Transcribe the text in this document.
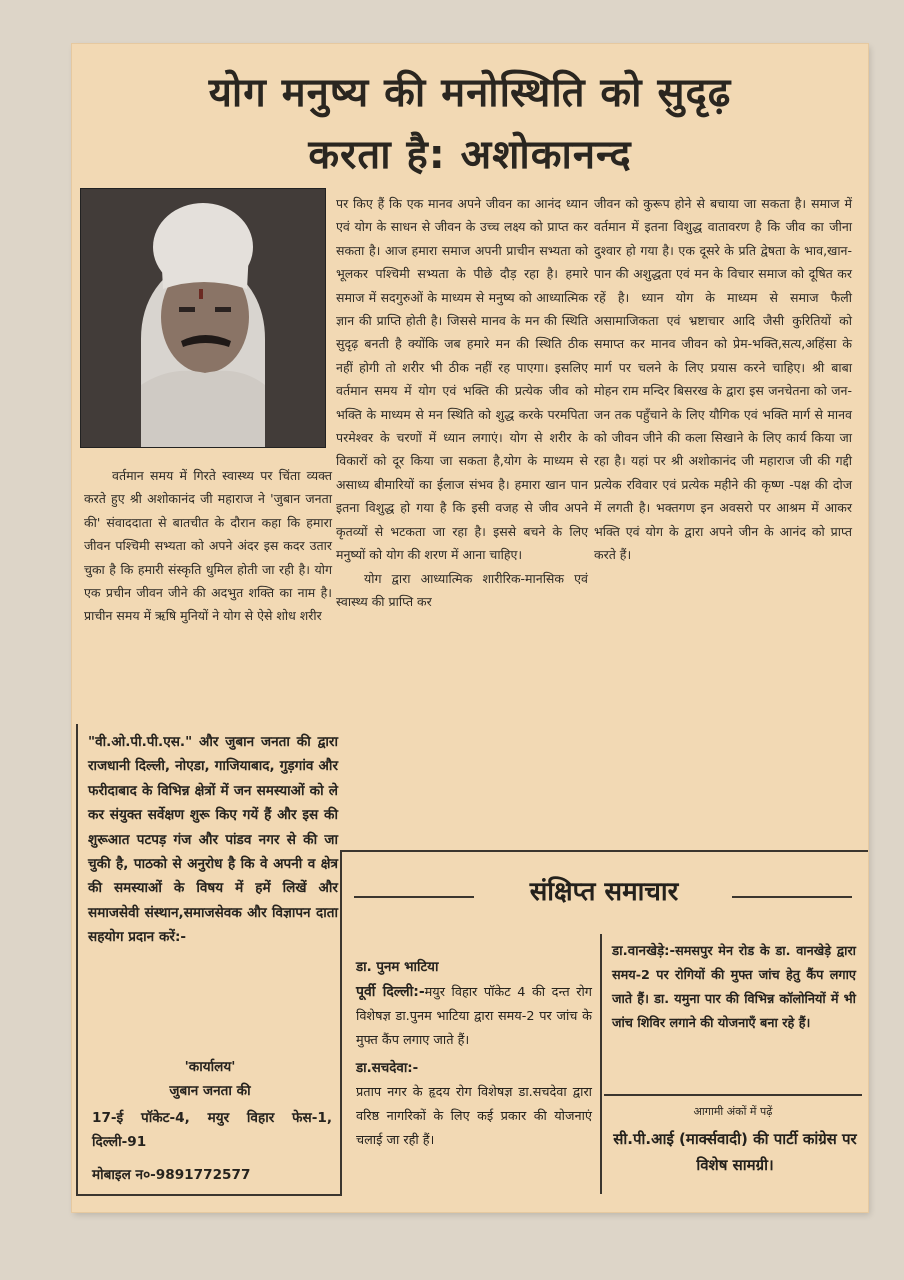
योग मनुष्य की मनोस्थिति को सुदृढ़
करता है: अशोकानन्द

वर्तमान समय में गिरते स्वास्थ्य पर चिंता व्यक्त करते हुए श्री अशोकानंद जी महाराज ने 'जुबान जनता की' संवाददाता से बातचीत के दौरान कहा कि हमारा जीवन पश्चिमी सभ्यता को अपने अंदर इस कदर उतार चुका है कि हमारी संस्कृति धुमिल होती जा रही है। योग एक प्रचीन जीवन जीने की अदभुत शक्ति का नाम है। प्राचीन समय में ऋषि मुनियों ने योग से ऐसे शोध शरीर

पर किए हैं कि एक मानव अपने जीवन का आनंद ध्यान एवं योग के साधन से जीवन के उच्च लक्ष्य को प्राप्त कर सकता है। आज हमारा समाज अपनी प्राचीन सभ्यता को भूलकर पश्चिमी सभ्यता के पीछे दौड़ रहा है। हमारे समाज में सदगुरुओं के माध्यम से मनुष्य को आध्यात्मिक ज्ञान की प्राप्ति होती है। जिससे मानव के मन की स्थिति सुदृढ़ बनती है क्योंकि जब हमारे मन की स्थिति ठीक नहीं होगी तो शरीर भी ठीक नहीं रह पाएगा। इसलिए वर्तमान समय में योग एवं भक्ति की प्रत्येक जीव को भक्ति के माध्यम से मन स्थिति को शुद्ध करके परमपिता परमेश्वर के चरणों में ध्यान लगाएं। योग से शरीर के विकारों को दूर किया जा सकता है,योग के माध्यम से असाध्य बीमारियों का ईलाज संभव है। हमारा खान पान इतना विशुद्ध हो गया है कि इसी वजह से जीव अपने कृतव्यों से भटकता जा रहा है। इससे बचने के लिए मनुष्यों को योग की शरण में आना चाहिए।

योग द्वारा आध्यात्मिक शारीरिक-मानसिक एवं स्वास्थ्य की प्राप्ति कर

जीवन को कुरूप होने से बचाया जा सकता है। समाज में वर्तमान में इतना विशुद्ध वातावरण है कि जीव का जीना दुश्वार हो गया है। एक दूसरे के प्रति द्वेषता के भाव,खान-पान की अशुद्धता एवं मन के विचार समाज को दूषित कर रहें है। ध्यान योग के माध्यम से समाज फैली असामाजिकता एवं भ्रष्टाचार आदि जैसी कुरितियों को समाप्त कर मानव जीवन को प्रेम-भक्ति,सत्य,अहिंसा के मार्ग पर चलने के लिए प्रयास करने चाहिए। श्री बाबा मोहन राम मन्दिर बिसरख के द्वारा इस जनचेतना को जन-जन तक पहुँचाने के लिए यौगिक एवं भक्ति मार्ग से मानव को जीवन जीने की कला सिखाने के लिए कार्य किया जा रहा है। यहां पर श्री अशोकानंद जी महाराज जी की गद्दी प्रत्येक रविवार एवं प्रत्येक महीने की कृष्ण -पक्ष की दोज में लगती है। भक्तगण इन अवसरो पर आश्रम में आकर भक्ति एवं योग के द्वारा अपने जीन के आनंद को प्राप्त करते हैं।

"वी.ओ.पी.पी.एस." और जुबान जनता की द्वारा राजधानी दिल्ली, नोएडा, गाजियाबाद, गुड़गांव और फरीदाबाद के विभिन्न क्षेत्रों में जन समस्याओं को ले कर संयुक्त सर्वेक्षण शुरू किए गयें हैं और इस की शुरूआत पटपड़ गंज और पांडव नगर से की जा चुकी है, पाठको से अनुरोध है कि वे अपनी व क्षेत्र की समस्याओं के विषय में हमें लिखें और समाजसेवी संस्थान,समाजसेवक और विज्ञापन दाता सहयोग प्रदान करें:-
'कार्यालय'
जुबान जनता की
17-ई पॉकेट-4, मयुर विहार फेस-1, दिल्ली-91
मोबाइल न०-9891772577
संक्षिप्त समाचार
डा. पुनम भाटिया
पूर्वी दिल्ली:-मयुर विहार पॉकेट 4 की दन्त रोग विशेषज्ञ डा.पुनम भाटिया द्वारा समय-2 पर जांच के मुफ्त कैंप लगाए जाते हैं।
डा.सचदेवा:-
प्रताप नगर के हृदय रोग विशेषज्ञ डा.सचदेवा द्वारा वरिष्ठ नागरिकों के लिए कई प्रकार की योजनाएं चलाई जा रही हैं।
डा.वानखेड़े:-समसपुर मेन रोड के डा. वानखेड़े द्वारा समय-2 पर रोगियों की मुफ्त जांच हेतु कैंप लगाए जाते हैं। डा. यमुना पार की विभिन्न कॉलोनियों में भी जांच शिविर लगाने की योजनाएँ बना रहे हैं।
आगामी अंकों में पढ़ें
सी.पी.आई (मार्क्सवादी) की पार्टी कांग्रेस पर विशेष सामग्री।
